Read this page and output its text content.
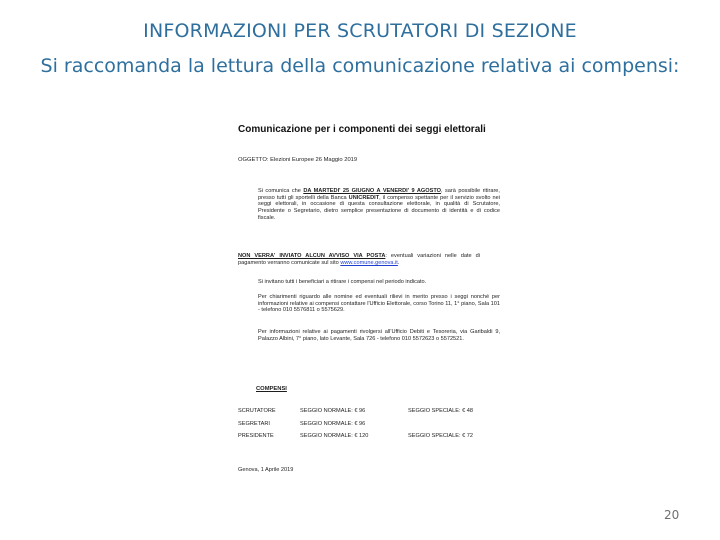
INFORMAZIONI PER SCRUTATORI DI SEZIONE
Si raccomanda la lettura della comunicazione relativa ai compensi:
Comunicazione per i componenti dei seggi elettorali
OGGETTO: Elezioni Europee 26 Maggio 2019
Si comunica che DA MARTEDI' 25 GIUGNO A VENERDI' 9 AGOSTO, sarà possibile ritirare, presso tutti gli sportelli della Banca UNICREDIT, il compenso spettante per il servizio svolto nei seggi elettorali, in occasione di questa consultazione elettorale, in qualità di Scrutatore, Presidente o Segretario, dietro semplice presentazione di documento di identità e di codice fiscale.
NON VERRA' INVIATO ALCUN AVVISO VIA POSTA: eventuali variazioni nelle date di pagamento verranno comunicate sul sito www.comune.genova.it.
Si invitano tutti i beneficiari a ritirare i compensi nel periodo indicato.
Per chiarimenti riguardo alle nomine ed eventuali rilievi in merito presso i seggi nonché per informazioni relative ai compensi contattare l'Ufficio Elettorale, corso Torino 11, 1° piano, Sala 101 - telefono 010 5576811 o 5575629.
Per informazioni relative ai pagamenti rivolgersi all'Ufficio Debiti e Tesoreria, via Garibaldi 9, Palazzo Albini, 7° piano, lato Levante, Sala 726 - telefono 010 5572623 o 5572521.
COMPENSI
SCRUTATORE	SEGGIO NORMALE: € 96	SEGGIO SPECIALE: € 48
SEGRETARI	SEGGIO NORMALE: € 96
PRESIDENTE	SEGGIO NORMALE: € 120	SEGGIO SPECIALE: € 72
Genova, 1 Aprile 2019
20
